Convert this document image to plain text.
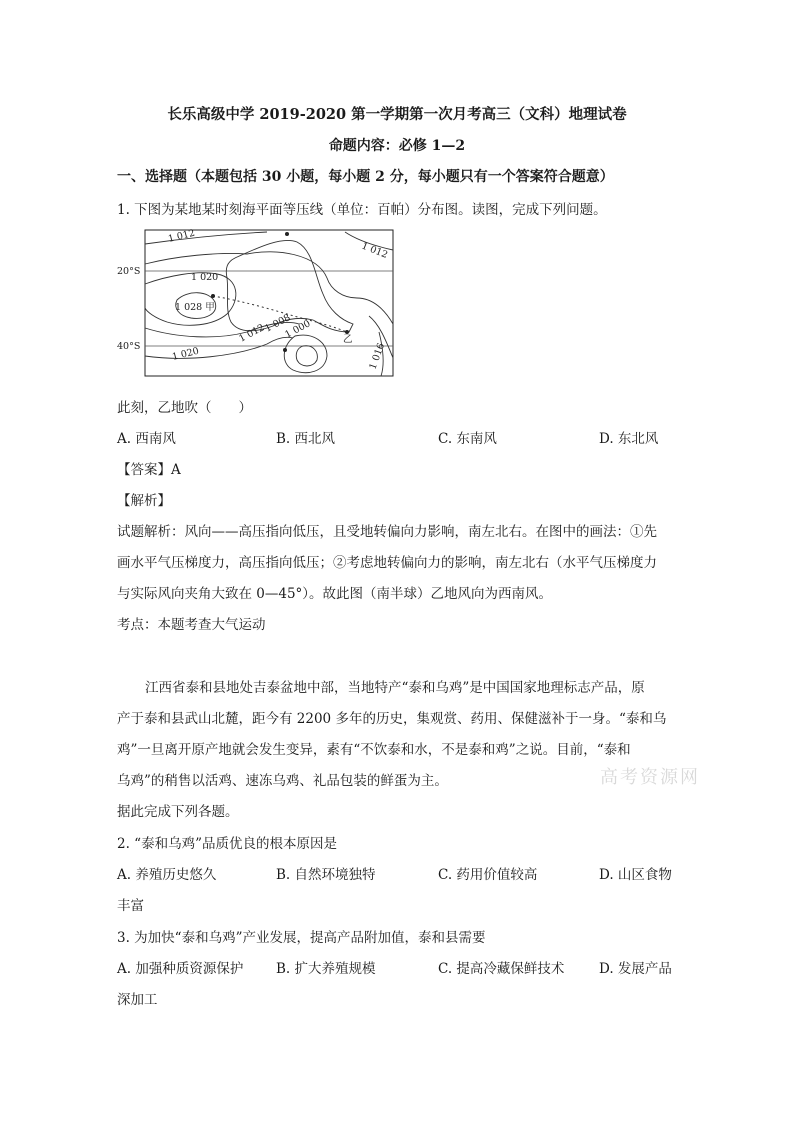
长乐高级中学 2019-2020 第一学期第一次月考高三（文科）地理试卷
命题内容：必修 1—2
一、选择题（本题包括 30 小题，每小题 2 分，每小题只有一个答案符合题意）
1. 下图为某地某时刻海平面等压线（单位：百帕）分布图。读图，完成下列问题。
20°S
40°S
1 012
1 012
1 020
1 028 甲
1 012
1 008
1 000
1 020	1 016
乙
此刻，乙地吹（　　）
A. 西南风	B. 西北风	C. 东南风	D. 东北风
【答案】A
【解析】
试题解析：风向——高压指向低压，且受地转偏向力影响，南左北右。在图中的画法：①先
画水平气压梯度力，高压指向低压；②考虑地转偏向力的影响，南左北右（水平气压梯度力
与实际风向夹角大致在 0—45°）。故此图（南半球）乙地风向为西南风。
考点：本题考查大气运动
江西省泰和县地处吉泰盆地中部，当地特产“泰和乌鸡”是中国国家地理标志产品，原
产于泰和县武山北麓，距今有 2200 多年的历史，集观赏、药用、保健滋补于一身。“泰和乌
鸡”一旦离开原产地就会发生变异，素有“不饮泰和水，不是泰和鸡”之说。目前，“泰和
乌鸡”的稍售以活鸡、速冻乌鸡、礼品包装的鲜蛋为主。	高考资源网
据此完成下列各题。
2. “泰和乌鸡”品质优良的根本原因是
A. 养殖历史悠久	B. 自然环境独特	C. 药用价值较高	D. 山区食物
丰富
3. 为加快“泰和乌鸡”产业发展，提高产品附加值，泰和县需要
A. 加强种质资源保护 B. 扩大养殖规模	C. 提高冷藏保鲜技术	D. 发展产品
深加工
